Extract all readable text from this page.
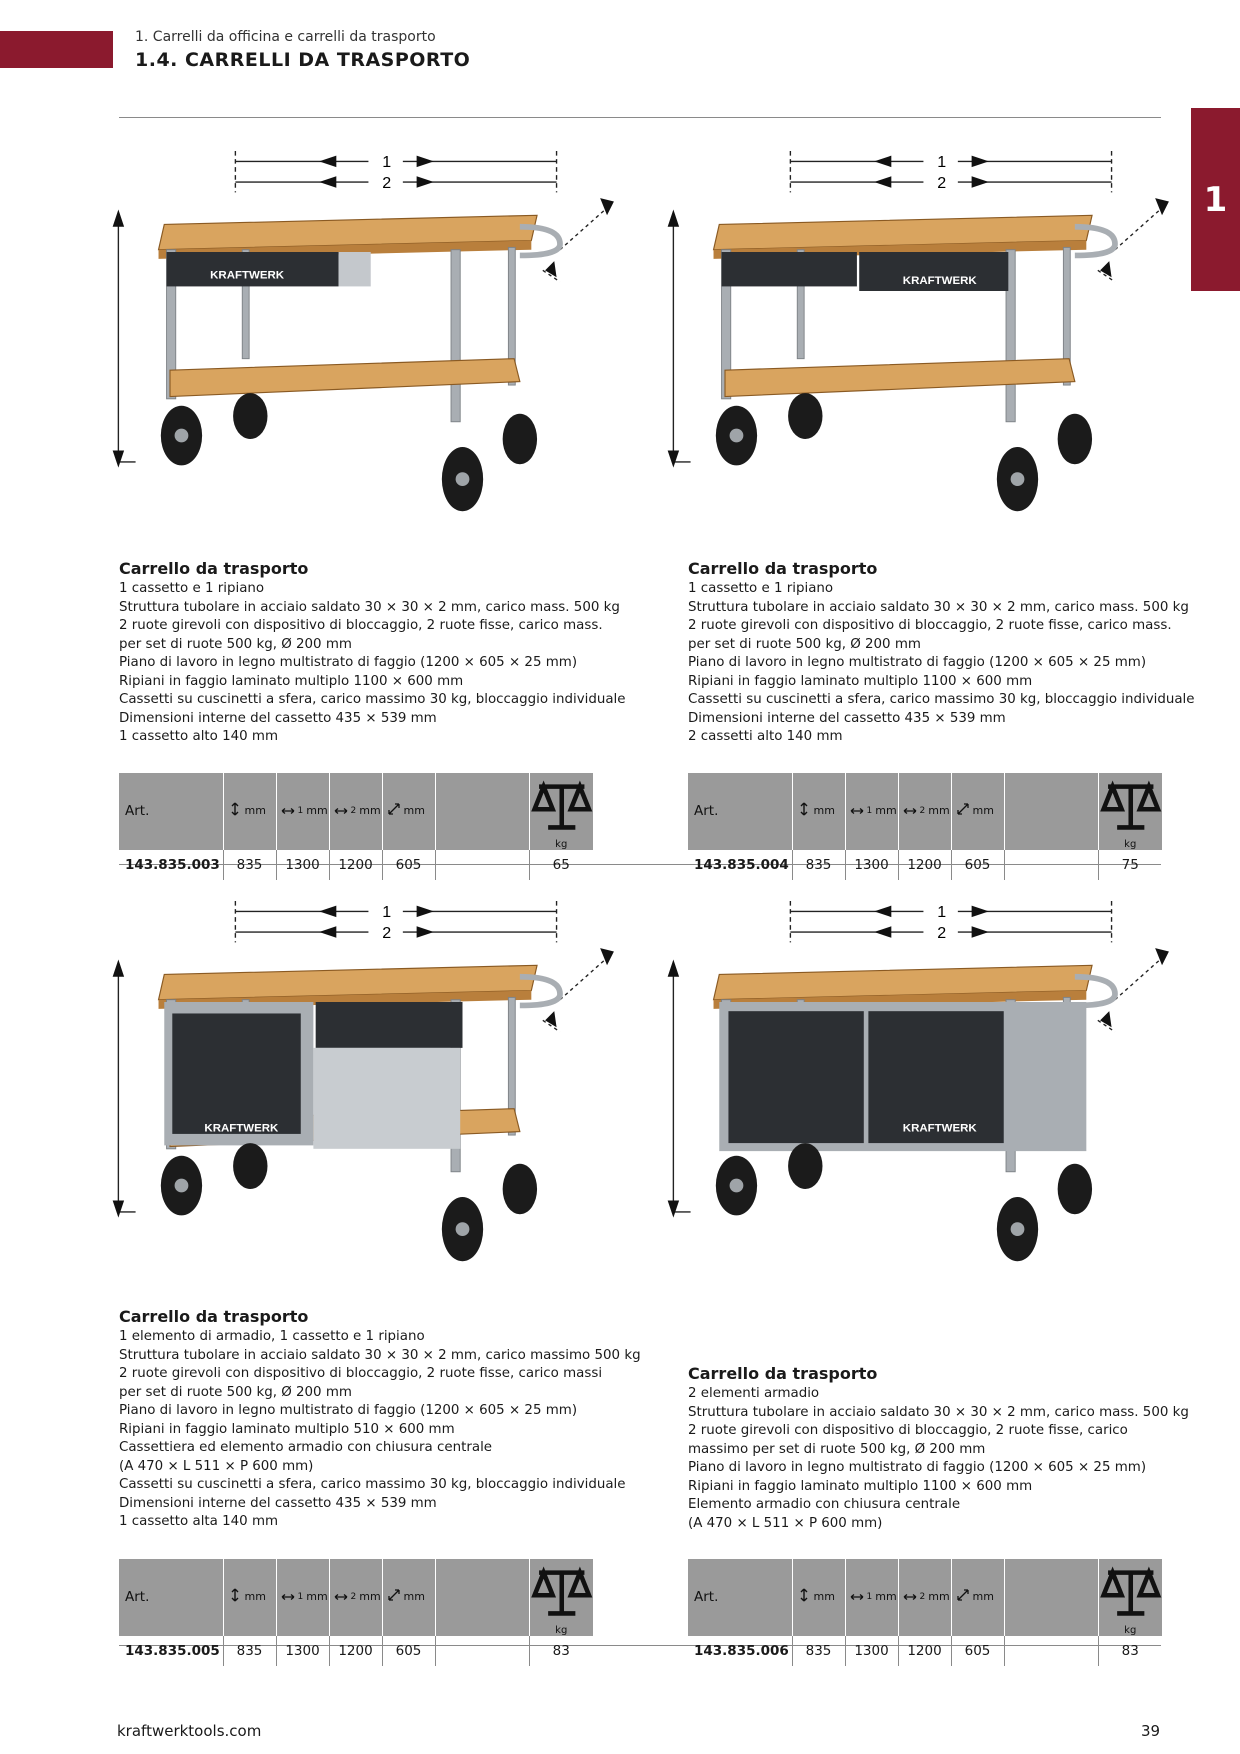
1. Carrelli da officina e carrelli da trasporto
1.4. CARRELLI DA TRASPORTO
1
1
2
KRAFTWERK
Carrello da trasporto
1 cassetto e 1 ripiano
Struttura tubolare in acciaio saldato 30 × 30 × 2 mm, carico mass. 500 kg
2 ruote girevoli con dispositivo di bloccaggio, 2 ruote fisse, carico mass.
per set di ruote 500 kg, Ø 200 mm
Piano di lavoro in legno multistrato di faggio (1200 × 605 × 25 mm)
Ripiani in faggio laminato multiplo 1100 × 600 mm
Cassetti su cuscinetti a sfera, carico massimo 30 kg, bloccaggio individuale
Dimensioni interne del cassetto 435 × 539 mm
1 cassetto alto 140 mm
Art.	mm	1 mm	2 mm	mm		kg
143.835.003	835	1300	1200	605		65
1
2
KRAFTWERK
Carrello da trasporto
1 cassetto e 1 ripiano
Struttura tubolare in acciaio saldato 30 × 30 × 2 mm, carico mass. 500 kg
2 ruote girevoli con dispositivo di bloccaggio, 2 ruote fisse, carico mass.
per set di ruote 500 kg, Ø 200 mm
Piano di lavoro in legno multistrato di faggio (1200 × 605 × 25 mm)
Ripiani in faggio laminato multiplo 1100 × 600 mm
Cassetti su cuscinetti a sfera, carico massimo 30 kg, bloccaggio individuale
Dimensioni interne del cassetto 435 × 539 mm
2 cassetti alto 140 mm
Art.	mm	1 mm	2 mm	mm		kg
143.835.004	835	1300	1200	605		75
1
2
KRAFTWERK
Carrello da trasporto
1 elemento di armadio, 1 cassetto e 1 ripiano
Struttura tubolare in acciaio saldato 30 × 30 × 2 mm, carico massimo 500 kg
2 ruote girevoli con dispositivo di bloccaggio, 2 ruote fisse, carico massi
per set di ruote 500 kg, Ø 200 mm
Piano di lavoro in legno multistrato di faggio (1200 × 605 × 25 mm)
Ripiani in faggio laminato multiplo 510 × 600 mm
Cassettiera ed elemento armadio con chiusura centrale
(A 470 × L 511 × P 600 mm)
Cassetti su cuscinetti a sfera, carico massimo 30 kg, bloccaggio individuale
Dimensioni interne del cassetto 435 × 539 mm
1 cassetto alta 140 mm
Art.	mm	1 mm	2 mm	mm		kg
143.835.005	835	1300	1200	605		83
1
2
KRAFTWERK
Carrello da trasporto
2 elementi armadio
Struttura tubolare in acciaio saldato 30 × 30 × 2 mm, carico mass. 500 kg
2 ruote girevoli con dispositivo di bloccaggio, 2 ruote fisse, carico
massimo per set di ruote 500 kg, Ø 200 mm
Piano di lavoro in legno multistrato di faggio (1200 × 605 × 25 mm)
Ripiani in faggio laminato multiplo 1100 × 600 mm
Elemento armadio con chiusura centrale
(A 470 × L 511 × P 600 mm)
Art.	mm	1 mm	2 mm	mm		kg
143.835.006	835	1300	1200	605		83
kraftwerktools.com	39
